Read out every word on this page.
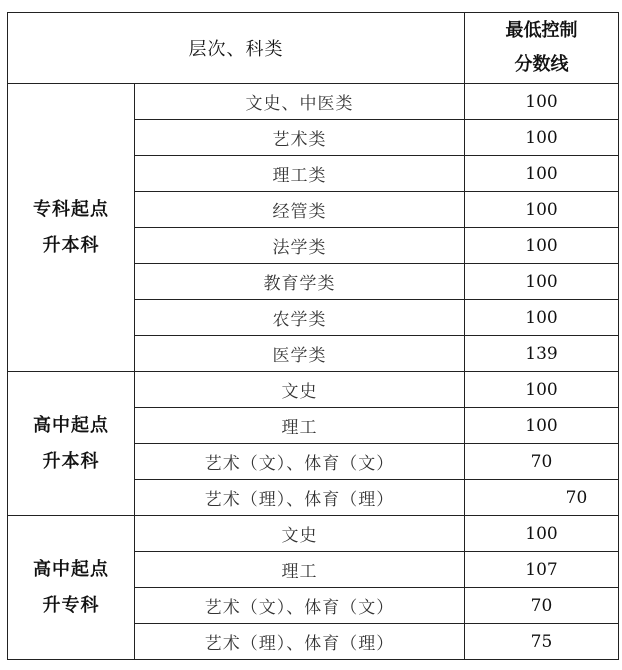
层次、科类		最低控制
分数线

专科起点
升本科	文史、中医类	100
	艺术类	100
	理工类	100
	经管类	100
	法学类	100
	教育学类	100
	农学类	100
	医学类	139

高中起点
升本科	文史	100
	理工	100
	艺术（文）、体育（文）	70
	艺术（理）、体育（理）	70

高中起点
升专科	文史	100
	理工	107
	艺术（文）、体育（文）	70
	艺术（理）、体育（理）	75
